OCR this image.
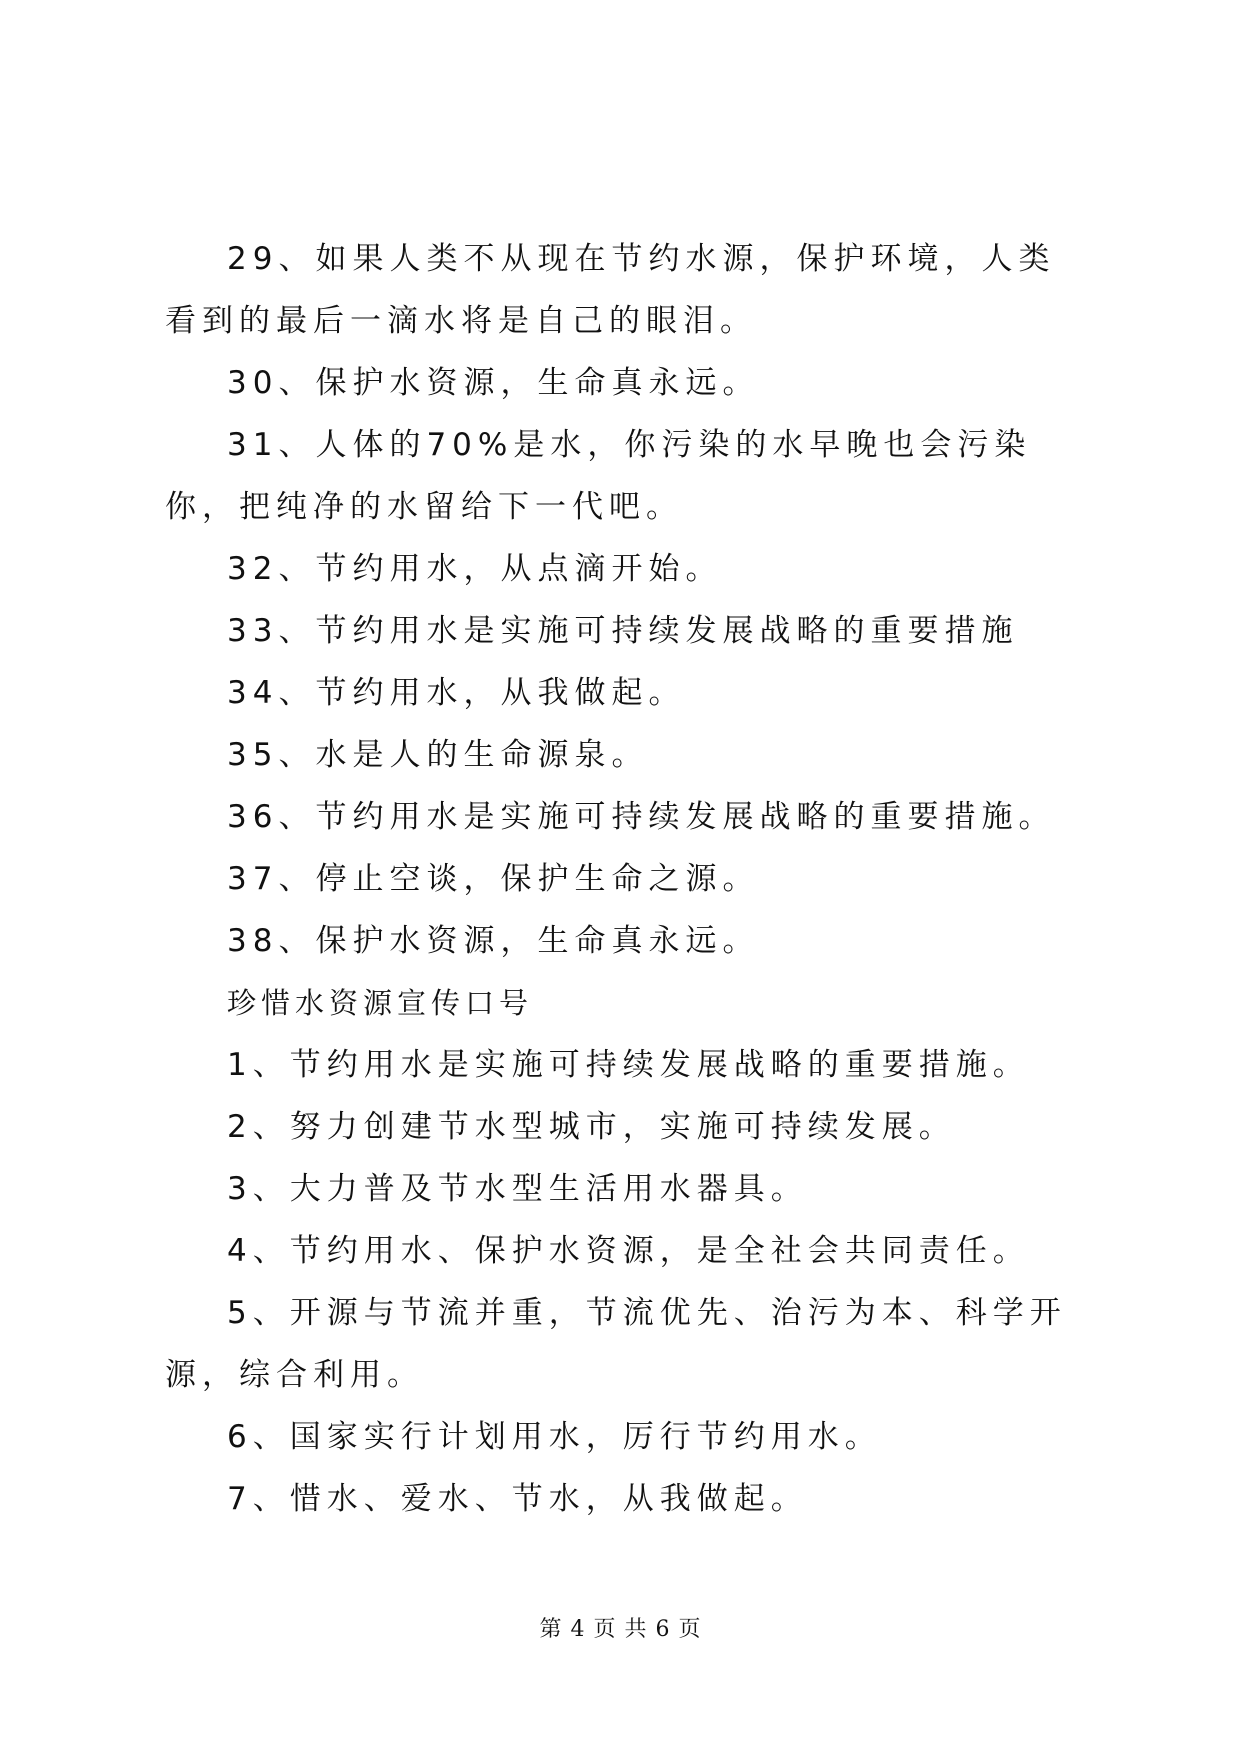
29、如果人类不从现在节约水源，保护环境，人类看到的最后一滴水将是自己的眼泪。

30、保护水资源，生命真永远。

31、人体的70%是水，你污染的水早晚也会污染你，把纯净的水留给下一代吧。

32、节约用水，从点滴开始。

33、节约用水是实施可持续发展战略的重要措施

34、节约用水，从我做起。

35、水是人的生命源泉。

36、节约用水是实施可持续发展战略的重要措施。

37、停止空谈，保护生命之源。

38、保护水资源，生命真永远。

珍惜水资源宣传口号

1、节约用水是实施可持续发展战略的重要措施。

2、努力创建节水型城市，实施可持续发展。

3、大力普及节水型生活用水器具。

4、节约用水、保护水资源，是全社会共同责任。

5、开源与节流并重，节流优先、治污为本、科学开源，综合利用。

6、国家实行计划用水，厉行节约用水。

7、惜水、爱水、节水，从我做起。

第 4 页 共 6 页
